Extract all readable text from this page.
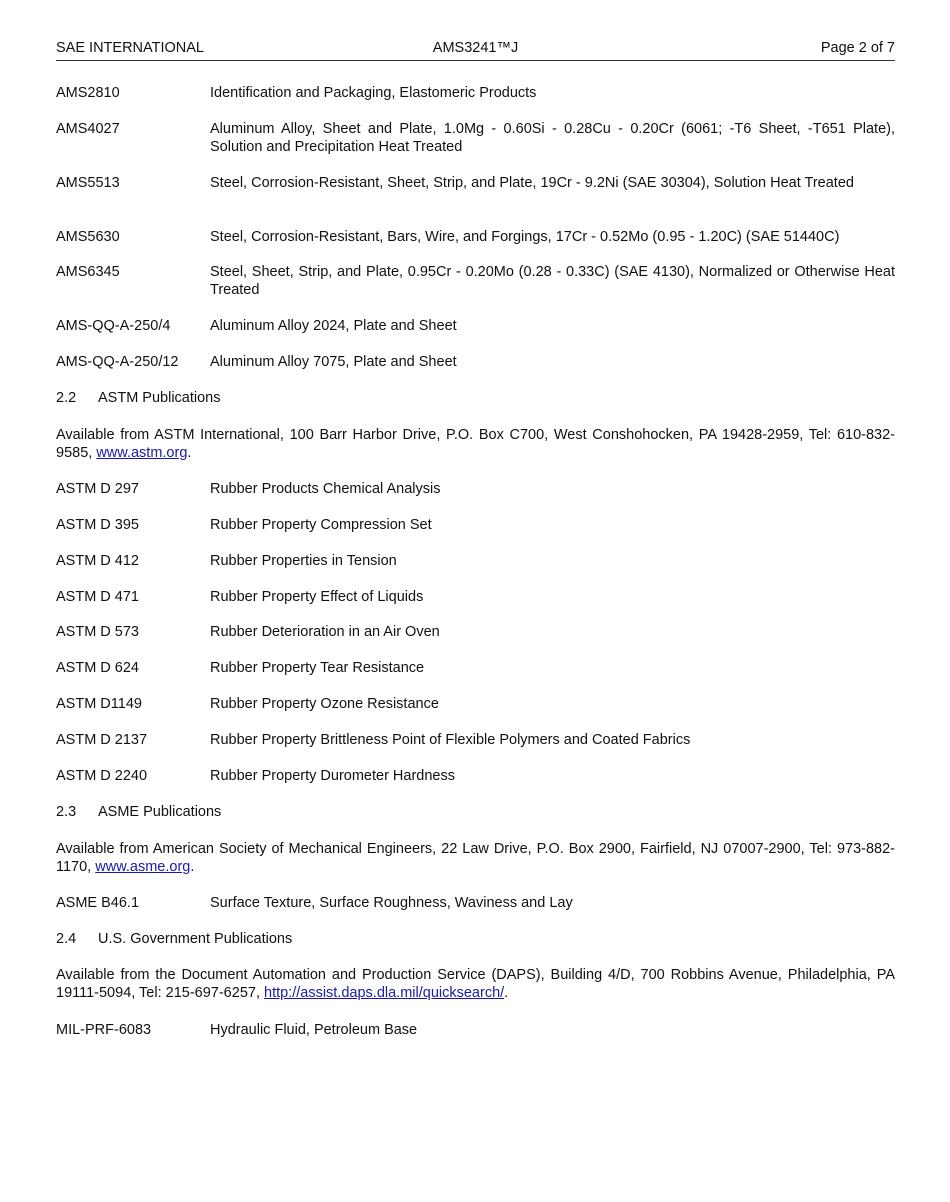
SAE INTERNATIONAL	AMS3241™J	Page 2 of 7
AMS2810	Identification and Packaging, Elastomeric Products
AMS4027	Aluminum Alloy, Sheet and Plate, 1.0Mg - 0.60Si - 0.28Cu - 0.20Cr (6061; -T6 Sheet, -T651 Plate), Solution and Precipitation Heat Treated
AMS5513	Steel, Corrosion-Resistant, Sheet, Strip, and Plate, 19Cr - 9.2Ni (SAE 30304), Solution Heat Treated
AMS5630	Steel, Corrosion-Resistant, Bars, Wire, and Forgings, 17Cr - 0.52Mo (0.95 - 1.20C) (SAE 51440C)
AMS6345	Steel, Sheet, Strip, and Plate, 0.95Cr - 0.20Mo (0.28 - 0.33C) (SAE 4130), Normalized or Otherwise Heat Treated
AMS-QQ-A-250/4	Aluminum Alloy 2024, Plate and Sheet
AMS-QQ-A-250/12	Aluminum Alloy 7075, Plate and Sheet
2.2 ASTM Publications
Available from ASTM International, 100 Barr Harbor Drive, P.O. Box C700, West Conshohocken, PA 19428-2959, Tel: 610-832-9585, www.astm.org.
ASTM D 297	Rubber Products Chemical Analysis
ASTM D 395	Rubber Property Compression Set
ASTM D 412	Rubber Properties in Tension
ASTM D 471	Rubber Property Effect of Liquids
ASTM D 573	Rubber Deterioration in an Air Oven
ASTM D 624	Rubber Property Tear Resistance
ASTM D1149	Rubber Property Ozone Resistance
ASTM D 2137	Rubber Property Brittleness Point of Flexible Polymers and Coated Fabrics
ASTM D 2240	Rubber Property Durometer Hardness
2.3 ASME Publications
Available from American Society of Mechanical Engineers, 22 Law Drive, P.O. Box 2900, Fairfield, NJ 07007-2900, Tel: 973-882-1170, www.asme.org.
ASME B46.1	Surface Texture, Surface Roughness, Waviness and Lay
2.4 U.S. Government Publications
Available from the Document Automation and Production Service (DAPS), Building 4/D, 700 Robbins Avenue, Philadelphia, PA 19111-5094, Tel: 215-697-6257, http://assist.daps.dla.mil/quicksearch/.
MIL-PRF-6083	Hydraulic Fluid, Petroleum Base
